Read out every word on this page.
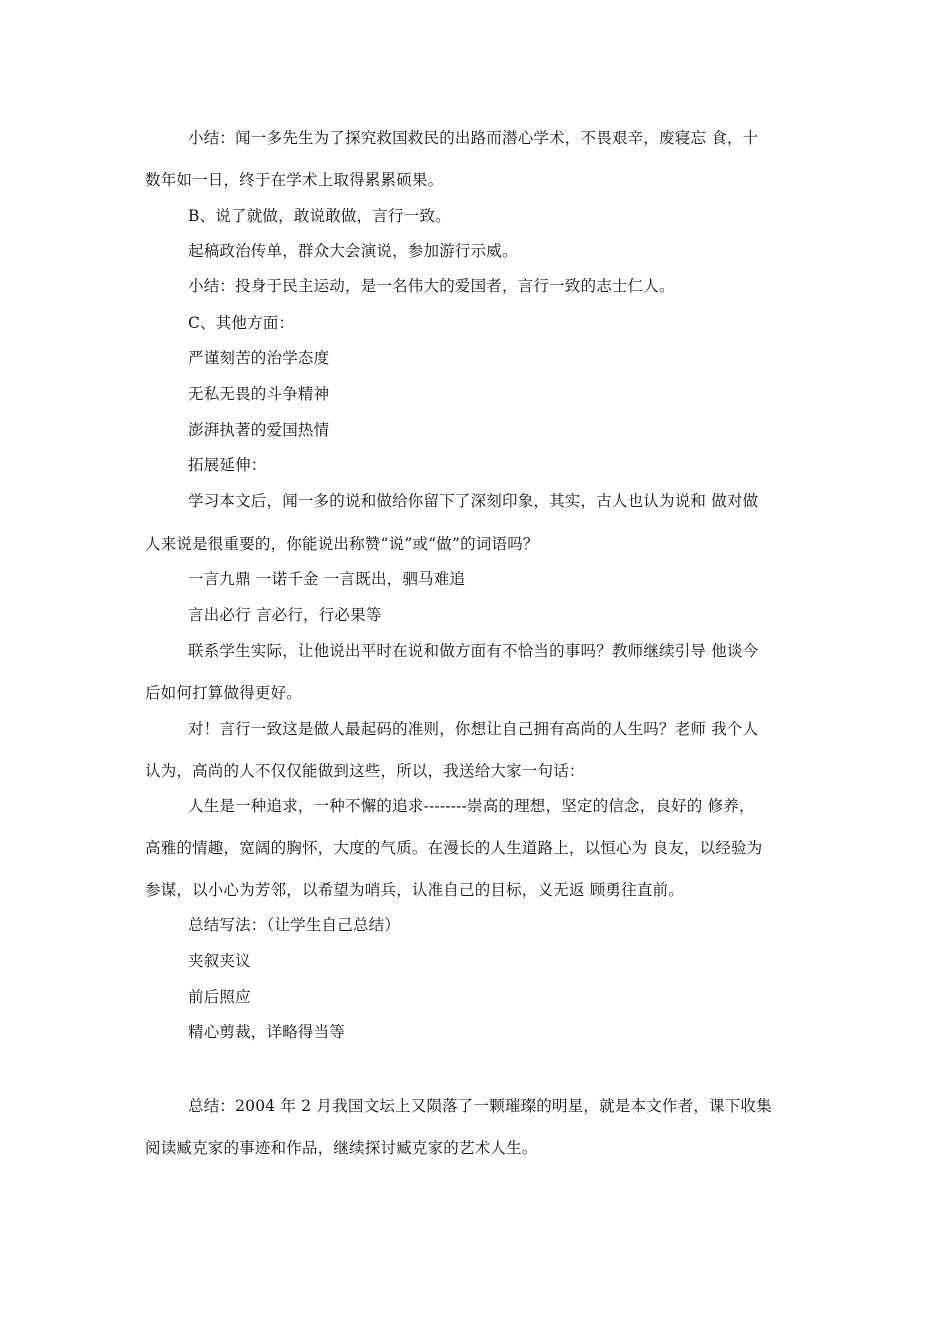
小结：闻一多先生为了探究救国救民的出路而潜心学术，不畏艰辛，废寝忘 食，十
数年如一日，终于在学术上取得累累硕果。
B、说了就做，敢说敢做，言行一致。
起稿政治传单，群众大会演说，参加游行示威。
小结：投身于民主运动，是一名伟大的爱国者，言行一致的志士仁人。
C、其他方面：
严谨刻苦的治学态度
无私无畏的斗争精神
澎湃执著的爱国热情
拓展延伸：
学习本文后，闻一多的说和做给你留下了深刻印象，其实，古人也认为说和 做对做
人来说是很重要的，你能说出称赞“说”或“做”的词语吗？
一言九鼎 一诺千金 一言既出，驷马难追
言出必行 言必行，行必果等
联系学生实际，让他说出平时在说和做方面有不恰当的事吗？教师继续引导 他谈今
后如何打算做得更好。
对！言行一致这是做人最起码的准则，你想让自己拥有高尚的人生吗？老师 我个人
认为，高尚的人不仅仅能做到这些，所以，我送给大家一句话：
人生是一种追求，一种不懈的追求--------崇高的理想，坚定的信念，良好的 修养，
高雅的情趣，宽阔的胸怀，大度的气质。在漫长的人生道路上，以恒心为 良友，以经验为
参谋，以小心为芳邻，以希望为哨兵，认准自己的目标，义无返 顾勇往直前。
总结写法：（让学生自己总结）
夹叙夹议
前后照应
精心剪裁，详略得当等
总结：2004 年 2 月我国文坛上又陨落了一颗璀璨的明星，就是本文作者，课下收集
阅读臧克家的事迹和作品，继续探讨臧克家的艺术人生。
